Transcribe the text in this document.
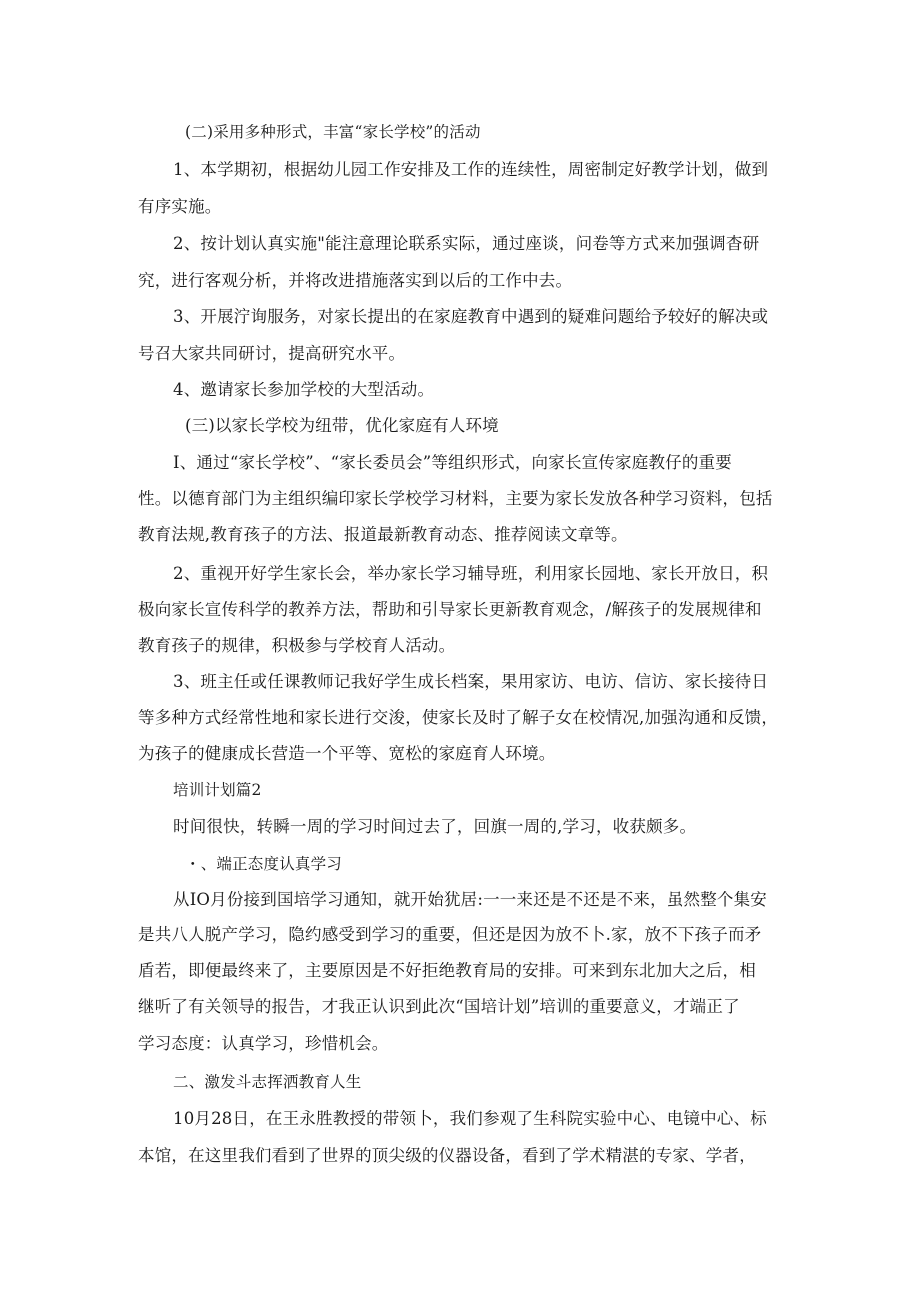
(二)采用多种形式，丰富“家长学校”的活动
1、本学期初，根据幼儿园工作安排及工作的连续性，周密制定好教学计划，做到
有序实施。
2、按计划认真实施"能注意理论联系实际，通过座谈，问卷等方式来加强调杳研
究，进行客观分析，并将改进措施落实到以后的工作中去。
3、开展泞询服务，对家长提出的在家庭教育中遇到的疑难问题给予较好的解决或
号召大家共同研讨，提高研究水平。
4、邀请家长参加学校的大型活动。
(三)以家长学校为纽带，优化家庭有人环境
I、通过“家长学校”、“家长委员会”等组织形式，向家长宣传家庭教仔的重要
性。以德育部门为主组织编印家长学校学习材料，主要为家长发放各种学习资料，包括
教育法规,教育孩子的方法、报道最新教育动态、推荐阅读文章等。
2、重视开好学生家长会，举办家长学习辅导班，利用家长园地、家长开放日，积
极向家长宣传科学的教养方法，帮助和引导家长更新教育观念，/解孩子的发展规律和
教育孩子的规律，积极参与学校育人活动。
3、班主任或任课教师记我好学生成长档案，果用家访、电访、信访、家长接待日
等多种方式经常性地和家长进行交浚，使家长及时了解子女在校情况,加强沟通和反馈，
为孩子的健康成长营造一个平等、宽松的家庭育人环境。
培训计划篇2
时间很快，转瞬一周的学习时间过去了，回旗一周的,学习，收获颇多。
・、端正态度认真学习
从IO月份接到国培学习通知，就开始犹居:一一来还是不还是不来，虽然整个集安
是共八人脱产学习，隐约感受到学习的重要，但还是因为放不卜.家，放不下孩子而矛
盾若，即便最终来了，主要原因是不好拒绝教育局的安排。可来到东北加大之后，相
继听了有关领导的报告，才我正认识到此次“国培计划”培训的重要意义，才端正了
学习态度：认真学习，珍惜机会。
二、激发斗志挥洒教育人生
10月28日，在王永胜教授的带领卜，我们参观了生科院实验中心、电镜中心、标
本馆，在这里我们看到了世界的顶尖级的仪器设备，看到了学术精湛的专家、学者，
